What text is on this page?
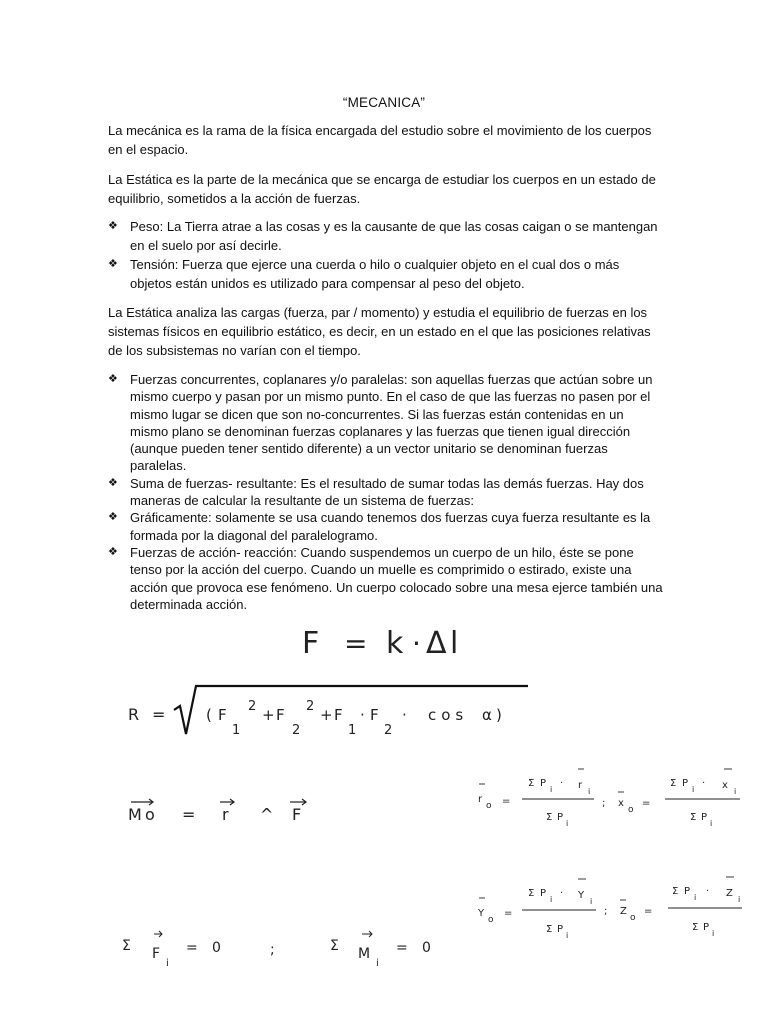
“MECANICA”

La mecánica es la rama de la física encargada del estudio sobre el movimiento de los cuerpos en el espacio.

La Estática es la parte de la mecánica que se encarga de estudiar los cuerpos en un estado de equilibrio, sometidos a la acción de fuerzas.

❖ Peso: La Tierra atrae a las cosas y es la causante de que las cosas caigan o se mantengan en el suelo por así decirle.
❖ Tensión: Fuerza que ejerce una cuerda o hilo o cualquier objeto en el cual dos o más objetos están unidos es utilizado para compensar al peso del objeto.

La Estática analiza las cargas (fuerza, par / momento) y estudia el equilibrio de fuerzas en los sistemas físicos en equilibrio estático, es decir, en un estado en el que las posiciones relativas de los subsistemas no varían con el tiempo.

❖ Fuerzas concurrentes, coplanares y/o paralelas: son aquellas fuerzas que actúan sobre un mismo cuerpo y pasan por un mismo punto. En el caso de que las fuerzas no pasen por el mismo lugar se dicen que son no-concurrentes. Si las fuerzas están contenidas en un mismo plano se denominan fuerzas coplanares y las fuerzas que tienen igual dirección (aunque pueden tener sentido diferente) a un vector unitario se denominan fuerzas paralelas.
❖ Suma de fuerzas- resultante: Es el resultado de sumar todas las demás fuerzas. Hay dos maneras de calcular la resultante de un sistema de fuerzas:
❖ Gráficamente: solamente se usa cuando tenemos dos fuerzas cuya fuerza resultante es la formada por la diagonal del paralelogramo.
❖ Fuerzas de acción- reacción: Cuando suspendemos un cuerpo de un hilo, éste se pone tenso por la acción del cuerpo. Cuando un muelle es comprimido o estirado, existe una acción que provoca ese fenómeno. Un cuerpo colocado sobre una mesa ejerce también una determinada acción.
F = k · Δ l
R =	( F
1
2 + F
2
2 + F
1
· F
2
· cos α )
M o = r ^ F
r
o =
Σ P
i
· r
i
Σ P
i
; x
o
=
Σ P
i
· x
i
Σ P
i
Y
o
=
Σ P
i
· Y
i
Σ P
i
; Z
o
=
Σ P
i
· Z
i
Σ P
i
Σ F
i
= 0	;	Σ M
i
= 0
